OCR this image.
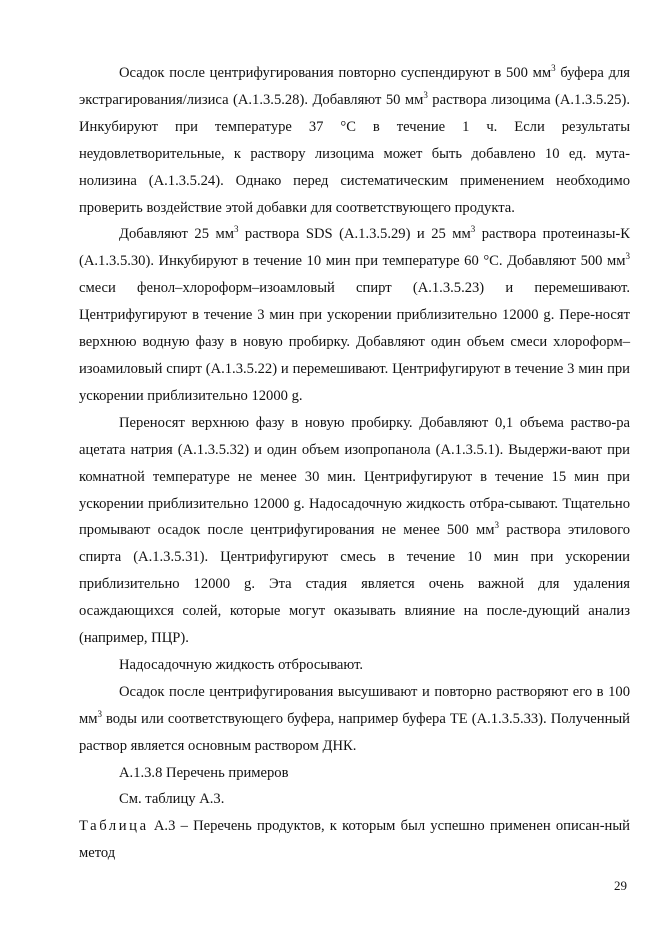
Осадок после центрифугирования повторно суспендируют в 500 $мм^3$ буфера для экстрагирования/лизиса (А.1.3.5.28). Добавляют 50 $мм^3$ раствора лизоцима (А.1.3.5.25). Инкубируют при температуре 37 °С в течение 1 ч. Если результаты неудовлетворительные, к раствору лизоцима может быть добавлено 10 ед. мута-нолизина (А.1.3.5.24). Однако перед систематическим применением необходимо проверить воздействие этой добавки для соответствующего продукта.

Добавляют 25 $мм^3$ раствора SDS (А.1.3.5.29) и 25 $мм^3$ раствора протеиназы-К (А.1.3.5.30). Инкубируют в течение 10 мин при температуре 60 °С. Добавляют 500 $мм^3$ смеси фенол–хлороформ–изоамловый спирт (А.1.3.5.23) и перемешивают. Центрифугируют в течение 3 мин при ускорении приблизительно 12000 g. Пере-носят верхнюю водную фазу в новую пробирку. Добавляют один объем смеси хлороформ–изоамиловый спирт (А.1.3.5.22) и перемешивают. Центрифугируют в течение 3 мин при ускорении приблизительно 12000 g.

Переносят верхнюю фазу в новую пробирку. Добавляют 0,1 объема раство-ра ацетата натрия (А.1.3.5.32) и один объем изопропанола (А.1.3.5.1). Выдержи-вают при комнатной температуре не менее 30 мин. Центрифугируют в течение 15 мин при ускорении приблизительно 12000 g. Надосадочную жидкость отбра-сывают. Тщательно промывают осадок после центрифугирования не менее 500 $мм^3$ раствора этилового спирта (А.1.3.5.31). Центрифугируют смесь в течение 10 мин при ускорении приблизительно 12000 g. Эта стадия является очень важной для удаления осаждающихся солей, которые могут оказывать влияние на после-дующий анализ (например, ПЦР).

Надосадочную жидкость отбросывают.

Осадок после центрифугирования высушивают и повторно растворяют его в 100 $мм^3$ воды или соответствующего буфера, например буфера ТЕ (А.1.3.5.33). Полученный раствор является основным раствором ДНК.

А.1.3.8 Перечень примеров

См. таблицу А.3.

Таблица А.3 – Перечень продуктов, к которым был успешно применен описан-ный метод

29
